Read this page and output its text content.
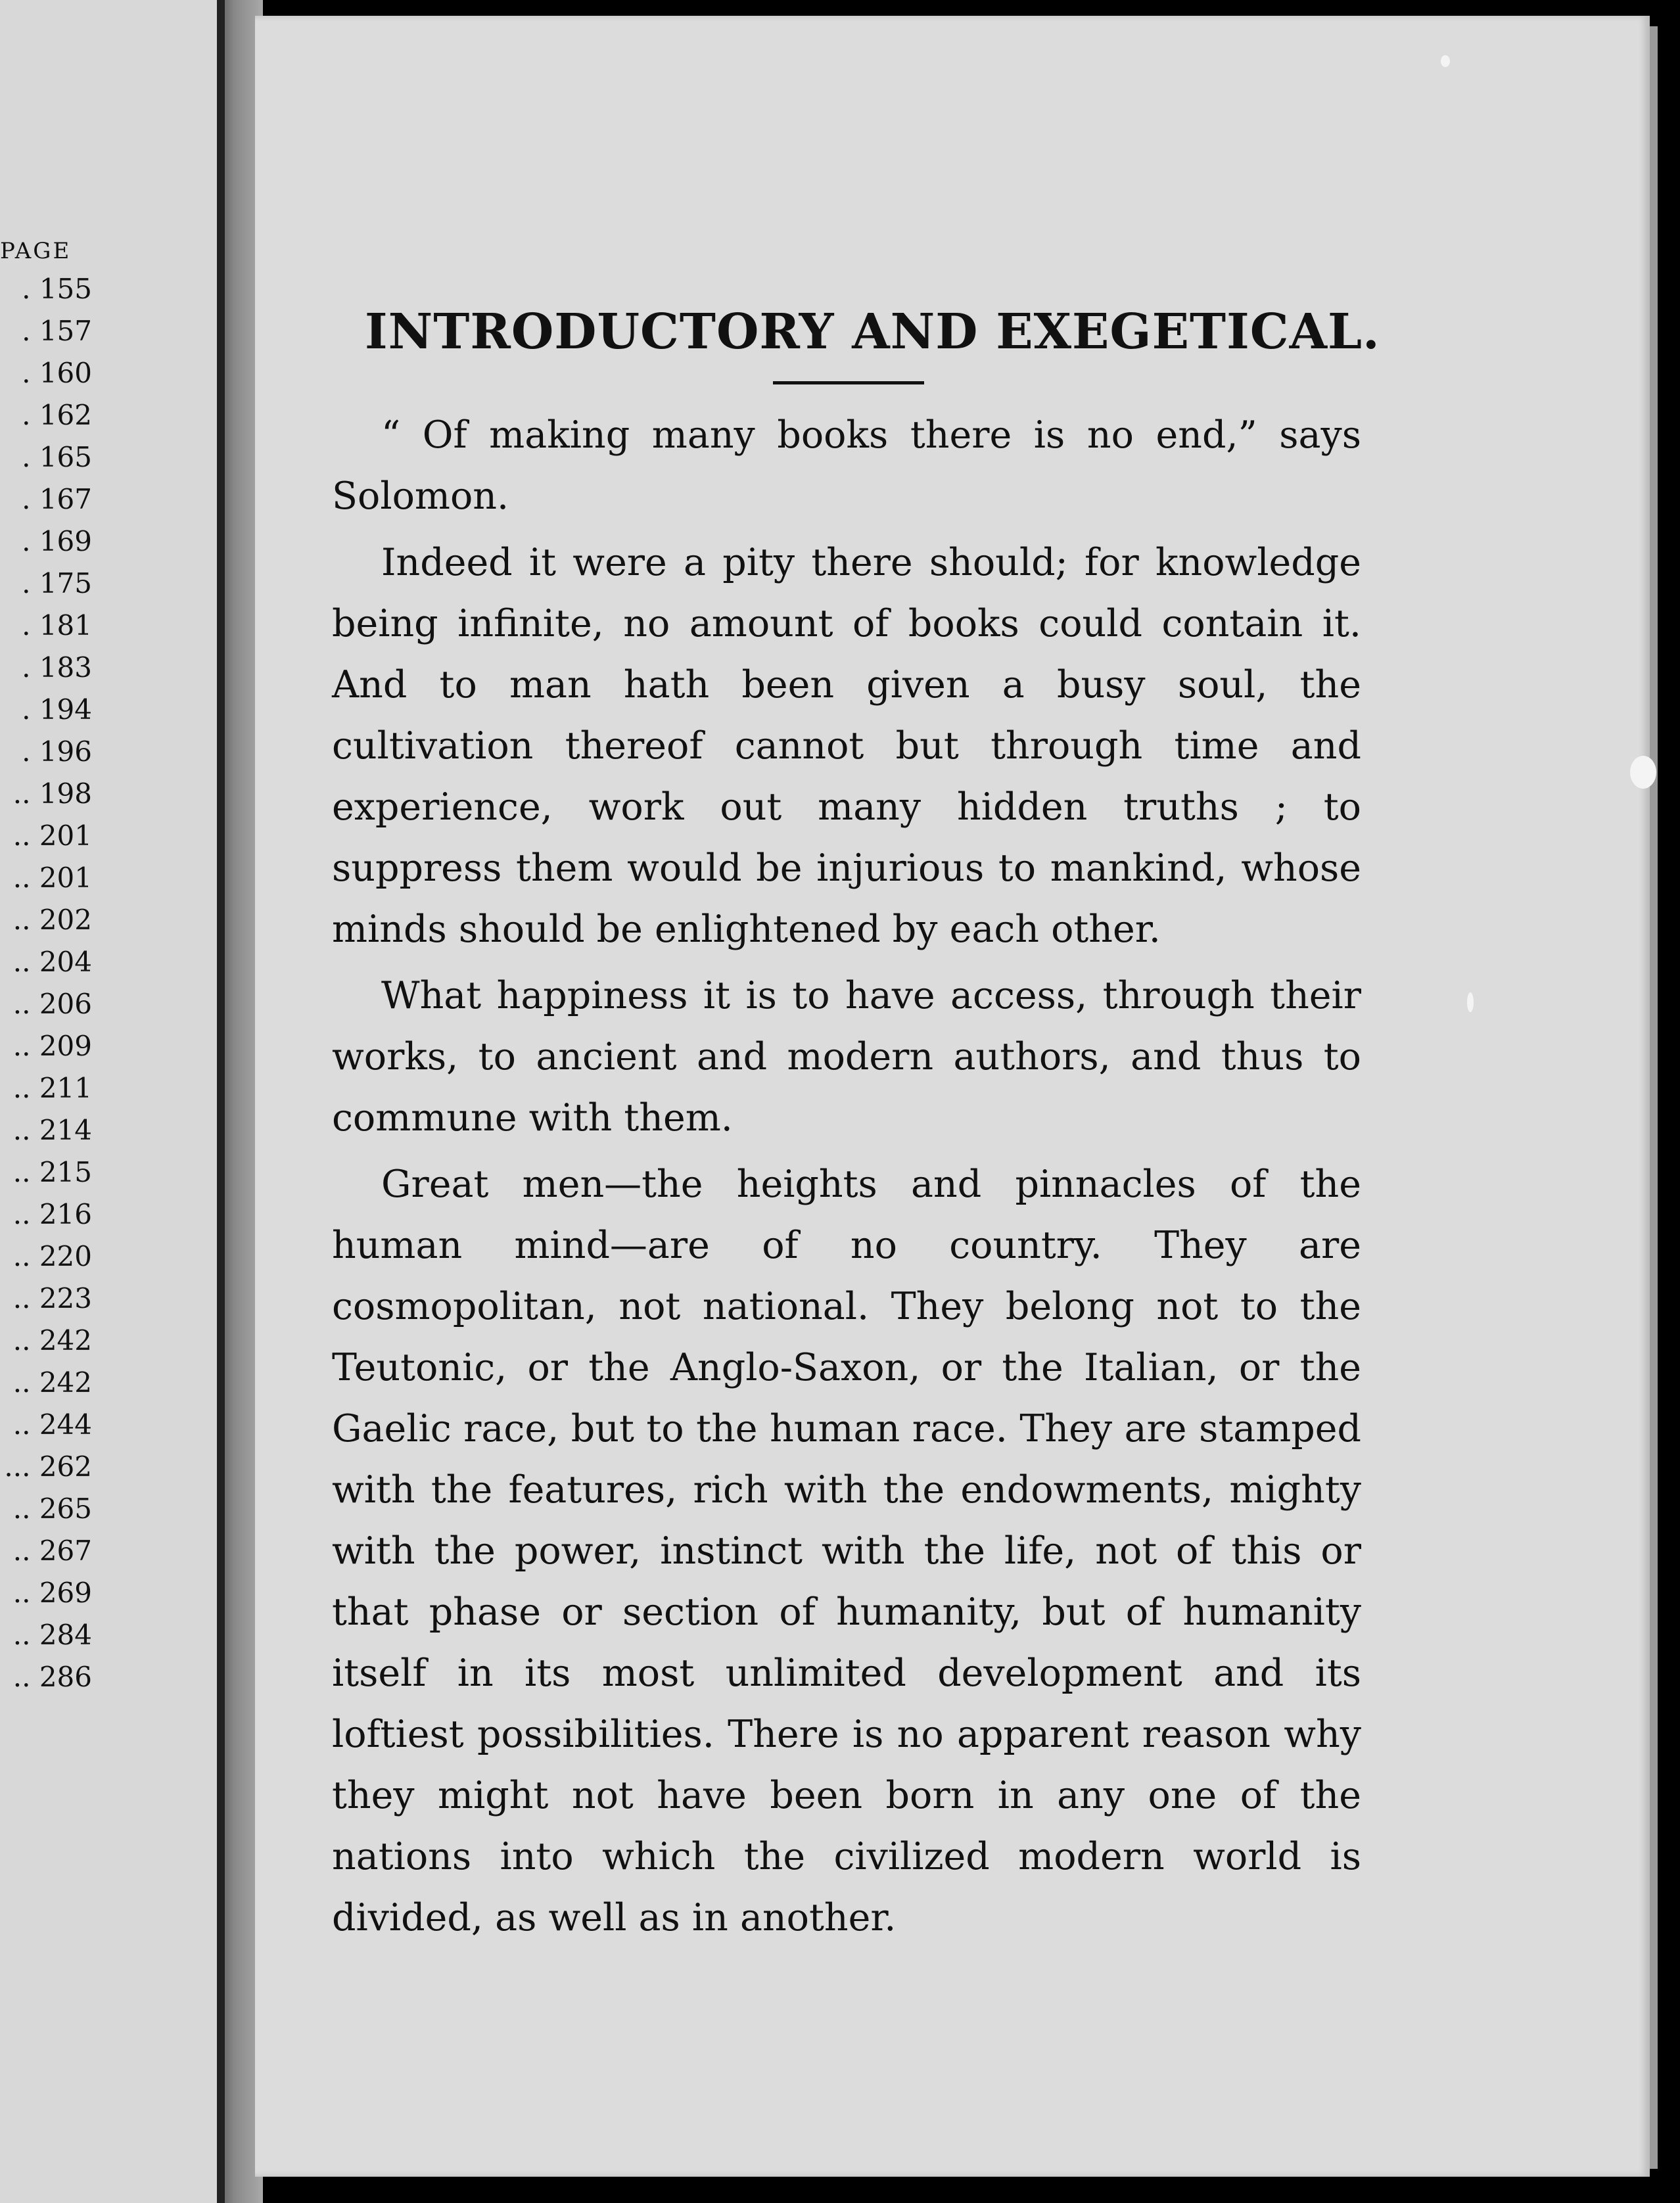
PAGE
. 155
. 157
. 160
. 162
. 165
. 167
. 169
. 175
. 181
. 183
. 194
. 196
.. 198
.. 201
.. 201
.. 202
.. 204
.. 206
.. 209
.. 211
.. 214
.. 215
.. 216
.. 220
.. 223
.. 242
.. 242
.. 244
... 262
.. 265
.. 267
.. 269
.. 284
.. 286
INTRODUCTORY AND EXEGETICAL.

“ Of making many books there is no end,” says Solomon.

Indeed it were a pity there should; for knowledge being infinite, no amount of books could contain it. And to man hath been given a busy soul, the cultivation thereof cannot but through time and experience, work out many hidden truths ; to suppress them would be injurious to mankind, whose minds should be enlightened by each other.

What happiness it is to have access, through their works, to ancient and modern authors, and thus to commune with them.

Great men—the heights and pinnacles of the human mind—are of no country. They are cosmopolitan, not national. They belong not to the Teutonic, or the Anglo-Saxon, or the Italian, or the Gaelic race, but to the human race. They are stamped with the features, rich with the endowments, mighty with the power, instinct with the life, not of this or that phase or section of humanity, but of humanity itself in its most unlimited development and its loftiest possibilities. There is no apparent reason why they might not have been born in any one of the nations into which the civilized modern world is divided, as well as in another.
